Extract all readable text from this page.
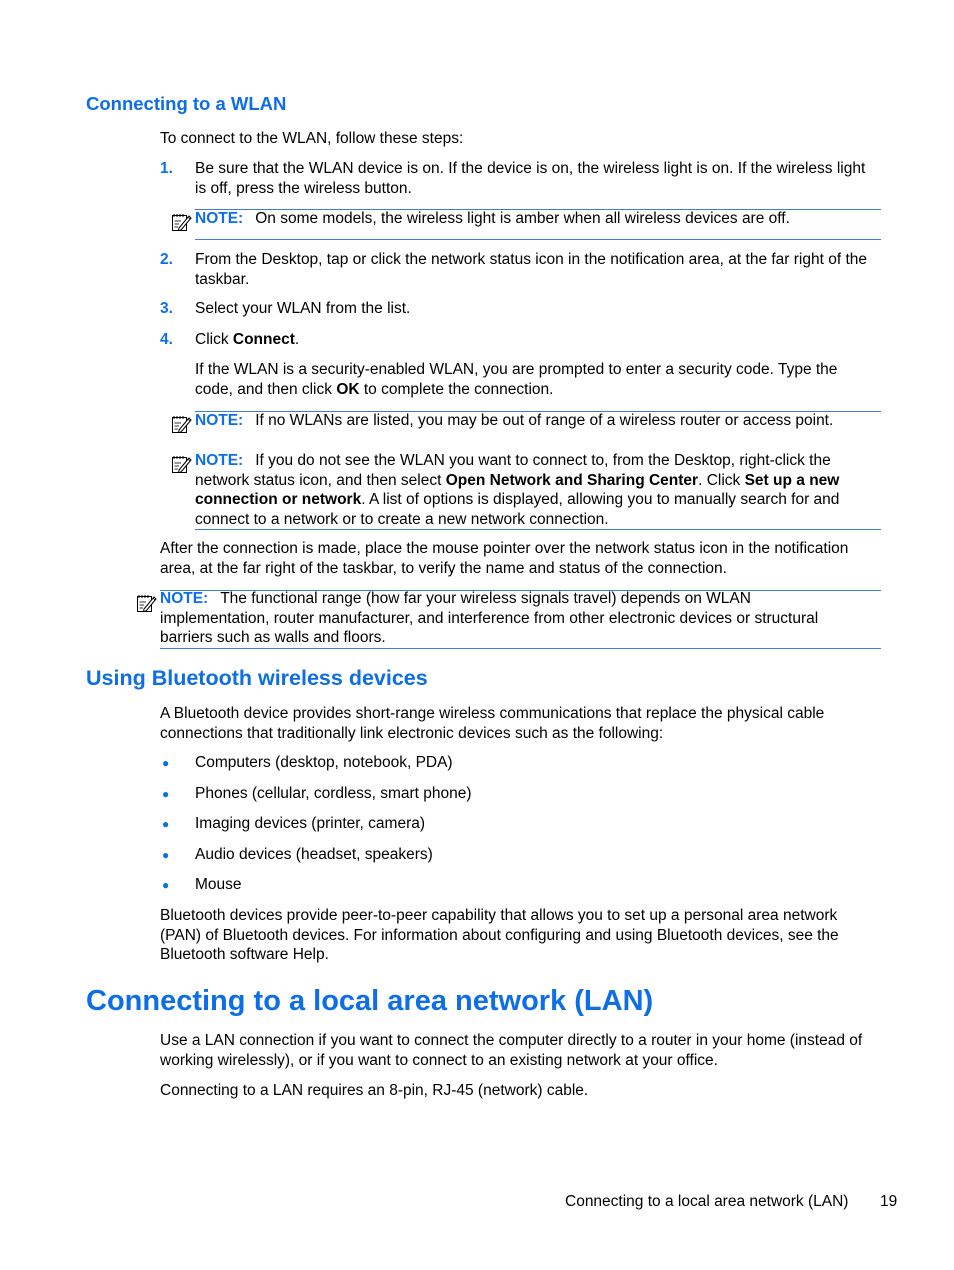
Connecting to a WLAN
To connect to the WLAN, follow these steps:
1. Be sure that the WLAN device is on. If the device is on, the wireless light is on. If the wireless light is off, press the wireless button.
NOTE: On some models, the wireless light is amber when all wireless devices are off.
2. From the Desktop, tap or click the network status icon in the notification area, at the far right of the taskbar.
3. Select your WLAN from the list.
4. Click Connect.
If the WLAN is a security-enabled WLAN, you are prompted to enter a security code. Type the code, and then click OK to complete the connection.
NOTE: If no WLANs are listed, you may be out of range of a wireless router or access point.
NOTE: If you do not see the WLAN you want to connect to, from the Desktop, right-click the network status icon, and then select Open Network and Sharing Center. Click Set up a new connection or network. A list of options is displayed, allowing you to manually search for and connect to a network or to create a new network connection.
After the connection is made, place the mouse pointer over the network status icon in the notification area, at the far right of the taskbar, to verify the name and status of the connection.
NOTE: The functional range (how far your wireless signals travel) depends on WLAN implementation, router manufacturer, and interference from other electronic devices or structural barriers such as walls and floors.
Using Bluetooth wireless devices
A Bluetooth device provides short-range wireless communications that replace the physical cable connections that traditionally link electronic devices such as the following:
● Computers (desktop, notebook, PDA)
● Phones (cellular, cordless, smart phone)
● Imaging devices (printer, camera)
● Audio devices (headset, speakers)
● Mouse
Bluetooth devices provide peer-to-peer capability that allows you to set up a personal area network (PAN) of Bluetooth devices. For information about configuring and using Bluetooth devices, see the Bluetooth software Help.
Connecting to a local area network (LAN)
Use a LAN connection if you want to connect the computer directly to a router in your home (instead of working wirelessly), or if you want to connect to an existing network at your office.
Connecting to a LAN requires an 8-pin, RJ-45 (network) cable.
Connecting to a local area network (LAN) 19
